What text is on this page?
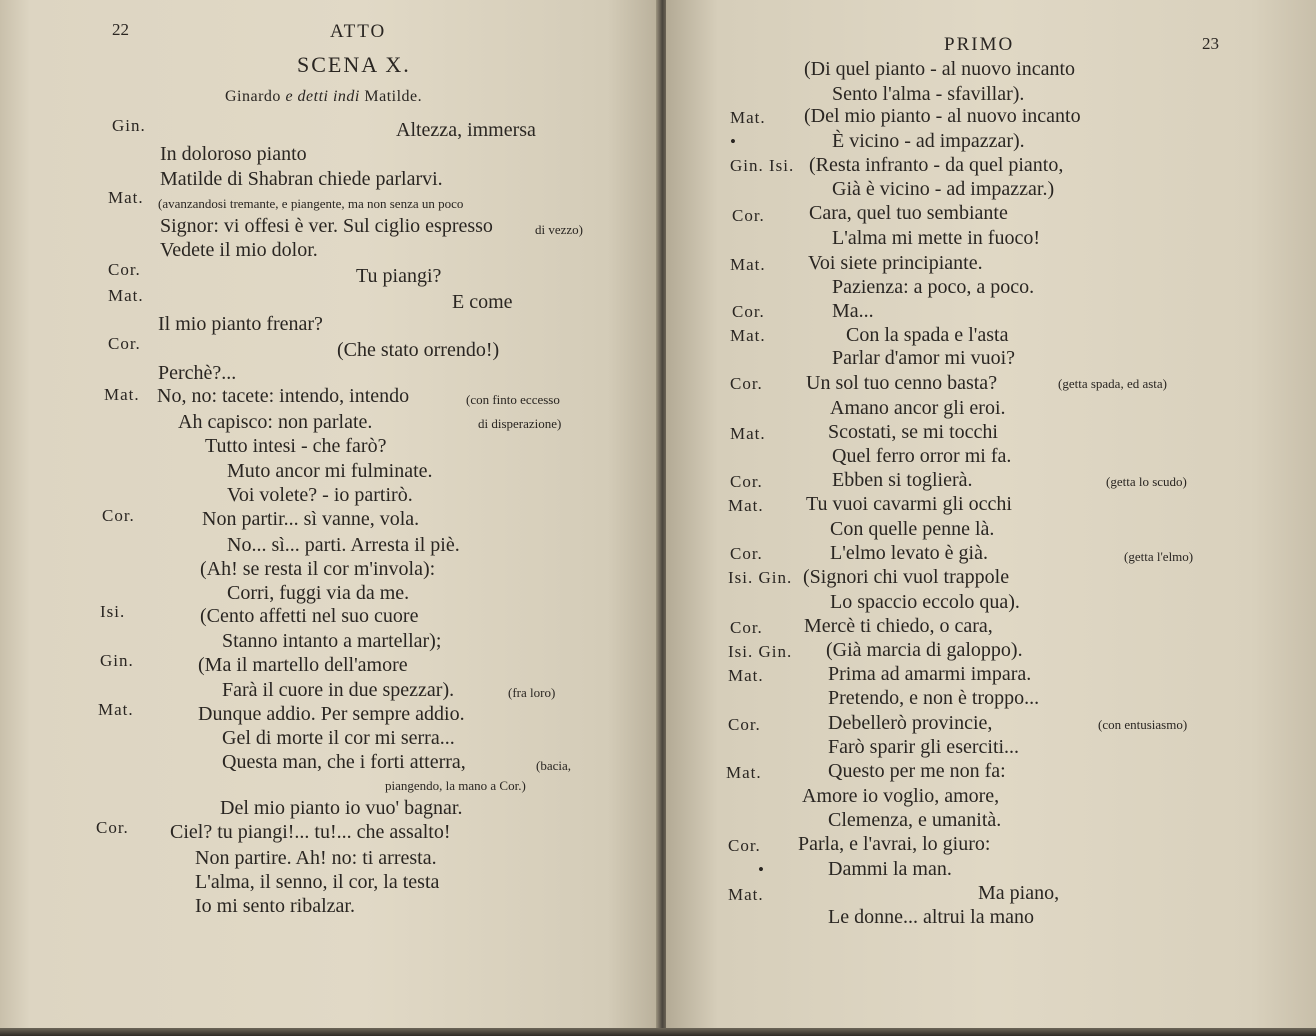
22	ATTO
SCENA X.
Ginardo e detti indi Matilde.
Gin.	Altezza, immersa
In doloroso pianto
Matilde di Shabran chiede parlarvi.
Mat. (avanzandosi tremante, e piangente, ma non senza un poco
Signor: vi offesi è ver. Sul ciglio espresso	di vezzo)
Vedete il mio dolor.
Cor.	Tu piangi?
Mat.	E come
Il mio pianto frenar?
Cor.	(Che stato orrendo!)
Perchè?...
Mat. No, no: tacete: intendo, intendo	(con finto eccesso
Ah capisco: non parlate.	di disperazione)
Tutto intesi - che farò?
Muto ancor mi fulminate.
Voi volete? - io partirò.
Cor.	Non partir... sì vanne, vola.
No... sì... parti. Arresta il piè.
(Ah! se resta il cor m'invola):
Corri, fuggi via da me.
Isi.	(Cento affetti nel suo cuore
Stanno intanto a martellar);
Gin.	(Ma il martello dell'amore
Farà il cuore in due spezzar).	(fra loro)
Mat.	Dunque addio. Per sempre addio.
Gel di morte il cor mi serra...
Questa man, che i forti atterra,	(bacia,
piangendo, la mano a Cor.)
Del mio pianto io vuo' bagnar.
Cor. Ciel? tu piangi!... tu!... che assalto!
Non partire. Ah! no: ti arresta.
L'alma, il senno, il cor, la testa
Io mi sento ribalzar.
PRIMO	23
(Di quel pianto - al nuovo incanto
Sento l'alma - sfavillar).
Mat. (Del mio pianto - al nuovo incanto
•	È vicino - ad impazzar).
Gin. Isi. (Resta infranto - da quel pianto,
Già è vicino - ad impazzar.)
Cor. Cara, quel tuo sembiante
L'alma mi mette in fuoco!
Mat. Voi siete principiante.
Pazienza: a poco, a poco.
Cor.	Ma...
Mat.	Con la spada e l'asta
Parlar d'amor mi vuoi?
Cor. Un sol tuo cenno basta?	(getta spada, ed asta)
Amano ancor gli eroi.
Mat.	Scostati, se mi tocchi
Quel ferro orror mi fa.
Cor.	Ebben si toglierà.	(getta lo scudo)
Mat. Tu vuoi cavarmi gli occhi
Con quelle penne là.
Cor.	L'elmo levato è già.	(getta l'elmo)
Isi. Gin. (Signori chi vuol trappole
Lo spaccio eccolo qua).
Cor. Mercè ti chiedo, o cara,
Isi. Gin. (Già marcia di galoppo).
Mat.	Prima ad amarmi impara.
Pretendo, e non è troppo...
Cor.	Debellerò provincie,	(con entusiasmo)
Farò sparir gli eserciti...
Mat.	Questo per me non fa:
Amore io voglio, amore,
Clemenza, e umanità.
Cor. Parla, e l'avrai, lo giuro:
•	Dammi la man.
Mat.	Ma piano,
Le donne... altrui la mano
